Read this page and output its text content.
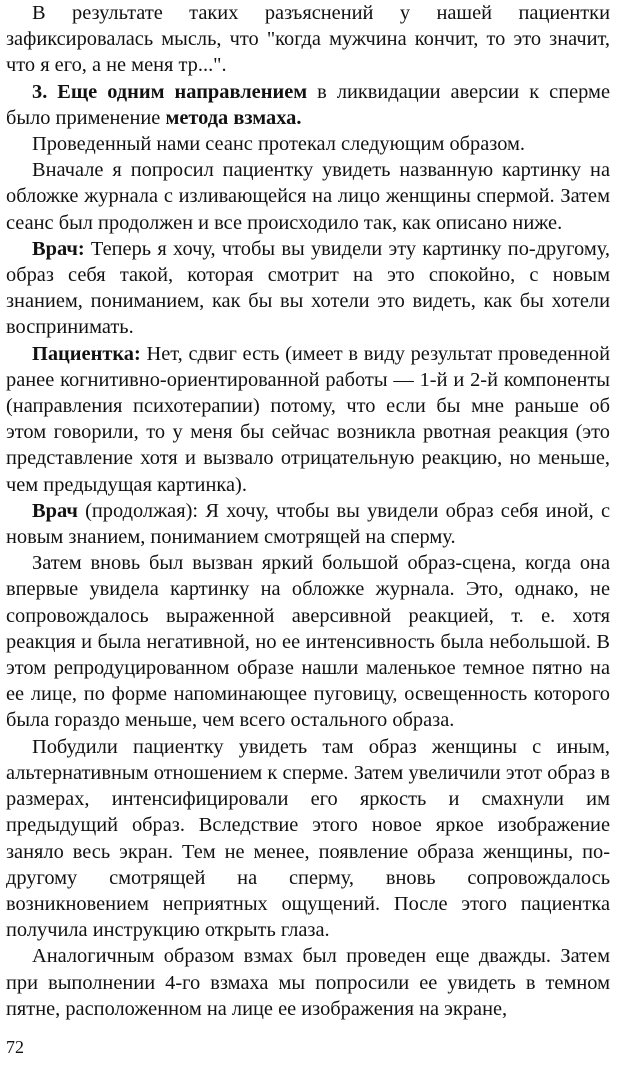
В результате таких разъяснений у нашей пациентки зафиксировалась мысль, что "когда мужчина кончит, то это значит, что я его, а не меня тр...".

3. Еще одним направлением в ликвидации аверсии к сперме было применение метода взмаха.

Проведенный нами сеанс протекал следующим образом.

Вначале я попросил пациентку увидеть названную картинку на обложке журнала с изливающейся на лицо женщины спермой. Затем сеанс был продолжен и все происходило так, как описано ниже.

Врач: Теперь я хочу, чтобы вы увидели эту картинку по-другому, образ себя такой, которая смотрит на это спокойно, с новым знанием, пониманием, как бы вы хотели это видеть, как бы хотели воспринимать.

Пациентка: Нет, сдвиг есть (имеет в виду результат проведенной ранее когнитивно-ориентированной работы — 1-й и 2-й компоненты (направления психотерапии) потому, что если бы мне раньше об этом говорили, то у меня бы сейчас возникла рвотная реакция (это представление хотя и вызвало отрицательную реакцию, но меньше, чем предыдущая картинка).

Врач (продолжая): Я хочу, чтобы вы увидели образ себя иной, с новым знанием, пониманием смотрящей на сперму.

Затем вновь был вызван яркий большой образ-сцена, когда она впервые увидела картинку на обложке журнала. Это, однако, не сопровождалось выраженной аверсивной реакцией, т. е. хотя реакция и была негативной, но ее интенсивность была небольшой. В этом репродуцированном образе нашли маленькое темное пятно на ее лице, по форме напоминающее пуговицу, освещенность которого была гораздо меньше, чем всего остального образа.

Побудили пациентку увидеть там образ женщины с иным, альтернативным отношением к сперме. Затем увеличили этот образ в размерах, интенсифицировали его яркость и смахнули им предыдущий образ. Вследствие этого новое яркое изображение заняло весь экран. Тем не менее, появление образа женщины, по-другому смотрящей на сперму, вновь сопровождалось возникновением неприятных ощущений. После этого пациентка получила инструкцию открыть глаза.

Аналогичным образом взмах был проведен еще дважды. Затем при выполнении 4-го взмаха мы попросили ее увидеть в темном пятне, расположенном на лице ее изображения на экране,

72
